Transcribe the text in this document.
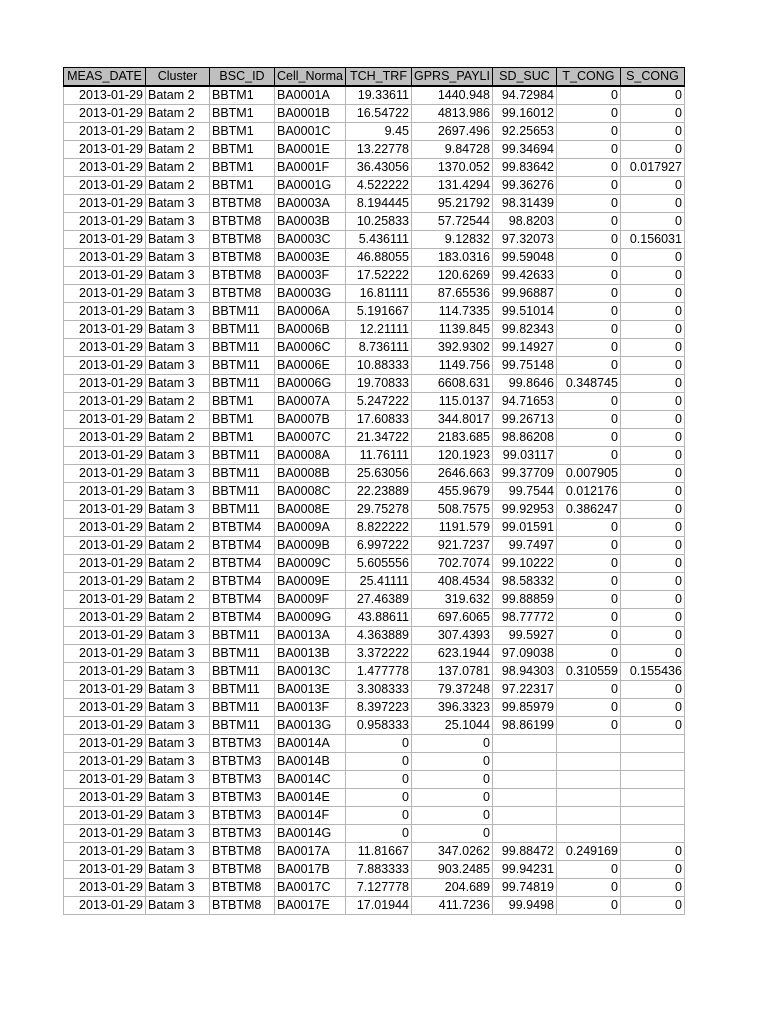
MEAS_DATE	Cluster	BSC_ID	Cell_Norma	TCH_TRF	GPRS_PAYLI	SD_SUC	T_CONG	S_CONG
2013-01-29	Batam 2	BBTM1	BA0001A	19.33611	1440.948	94.72984	0	0
2013-01-29	Batam 2	BBTM1	BA0001B	16.54722	4813.986	99.16012	0	0
2013-01-29	Batam 2	BBTM1	BA0001C	9.45	2697.496	92.25653	0	0
2013-01-29	Batam 2	BBTM1	BA0001E	13.22778	9.84728	99.34694	0	0
2013-01-29	Batam 2	BBTM1	BA0001F	36.43056	1370.052	99.83642	0	0.017927
2013-01-29	Batam 2	BBTM1	BA0001G	4.522222	131.4294	99.36276	0	0
2013-01-29	Batam 3	BTBTM8	BA0003A	8.194445	95.21792	98.31439	0	0
2013-01-29	Batam 3	BTBTM8	BA0003B	10.25833	57.72544	98.8203	0	0
2013-01-29	Batam 3	BTBTM8	BA0003C	5.436111	9.12832	97.32073	0	0.156031
2013-01-29	Batam 3	BTBTM8	BA0003E	46.88055	183.0316	99.59048	0	0
2013-01-29	Batam 3	BTBTM8	BA0003F	17.52222	120.6269	99.42633	0	0
2013-01-29	Batam 3	BTBTM8	BA0003G	16.81111	87.65536	99.96887	0	0
2013-01-29	Batam 3	BBTM11	BA0006A	5.191667	114.7335	99.51014	0	0
2013-01-29	Batam 3	BBTM11	BA0006B	12.21111	1139.845	99.82343	0	0
2013-01-29	Batam 3	BBTM11	BA0006C	8.736111	392.9302	99.14927	0	0
2013-01-29	Batam 3	BBTM11	BA0006E	10.88333	1149.756	99.75148	0	0
2013-01-29	Batam 3	BBTM11	BA0006G	19.70833	6608.631	99.8646	0.348745	0
2013-01-29	Batam 2	BBTM1	BA0007A	5.247222	115.0137	94.71653	0	0
2013-01-29	Batam 2	BBTM1	BA0007B	17.60833	344.8017	99.26713	0	0
2013-01-29	Batam 2	BBTM1	BA0007C	21.34722	2183.685	98.86208	0	0
2013-01-29	Batam 3	BBTM11	BA0008A	11.76111	120.1923	99.03117	0	0
2013-01-29	Batam 3	BBTM11	BA0008B	25.63056	2646.663	99.37709	0.007905	0
2013-01-29	Batam 3	BBTM11	BA0008C	22.23889	455.9679	99.7544	0.012176	0
2013-01-29	Batam 3	BBTM11	BA0008E	29.75278	508.7575	99.92953	0.386247	0
2013-01-29	Batam 2	BTBTM4	BA0009A	8.822222	1191.579	99.01591	0	0
2013-01-29	Batam 2	BTBTM4	BA0009B	6.997222	921.7237	99.7497	0	0
2013-01-29	Batam 2	BTBTM4	BA0009C	5.605556	702.7074	99.10222	0	0
2013-01-29	Batam 2	BTBTM4	BA0009E	25.41111	408.4534	98.58332	0	0
2013-01-29	Batam 2	BTBTM4	BA0009F	27.46389	319.632	99.88859	0	0
2013-01-29	Batam 2	BTBTM4	BA0009G	43.88611	697.6065	98.77772	0	0
2013-01-29	Batam 3	BBTM11	BA0013A	4.363889	307.4393	99.5927	0	0
2013-01-29	Batam 3	BBTM11	BA0013B	3.372222	623.1944	97.09038	0	0
2013-01-29	Batam 3	BBTM11	BA0013C	1.477778	137.0781	98.94303	0.310559	0.155436
2013-01-29	Batam 3	BBTM11	BA0013E	3.308333	79.37248	97.22317	0	0
2013-01-29	Batam 3	BBTM11	BA0013F	8.397223	396.3323	99.85979	0	0
2013-01-29	Batam 3	BBTM11	BA0013G	0.958333	25.1044	98.86199	0	0
2013-01-29	Batam 3	BTBTM3	BA0014A	0	0			
2013-01-29	Batam 3	BTBTM3	BA0014B	0	0			
2013-01-29	Batam 3	BTBTM3	BA0014C	0	0			
2013-01-29	Batam 3	BTBTM3	BA0014E	0	0			
2013-01-29	Batam 3	BTBTM3	BA0014F	0	0			
2013-01-29	Batam 3	BTBTM3	BA0014G	0	0			
2013-01-29	Batam 3	BTBTM8	BA0017A	11.81667	347.0262	99.88472	0.249169	0
2013-01-29	Batam 3	BTBTM8	BA0017B	7.883333	903.2485	99.94231	0	0
2013-01-29	Batam 3	BTBTM8	BA0017C	7.127778	204.689	99.74819	0	0
2013-01-29	Batam 3	BTBTM8	BA0017E	17.01944	411.7236	99.9498	0	0
